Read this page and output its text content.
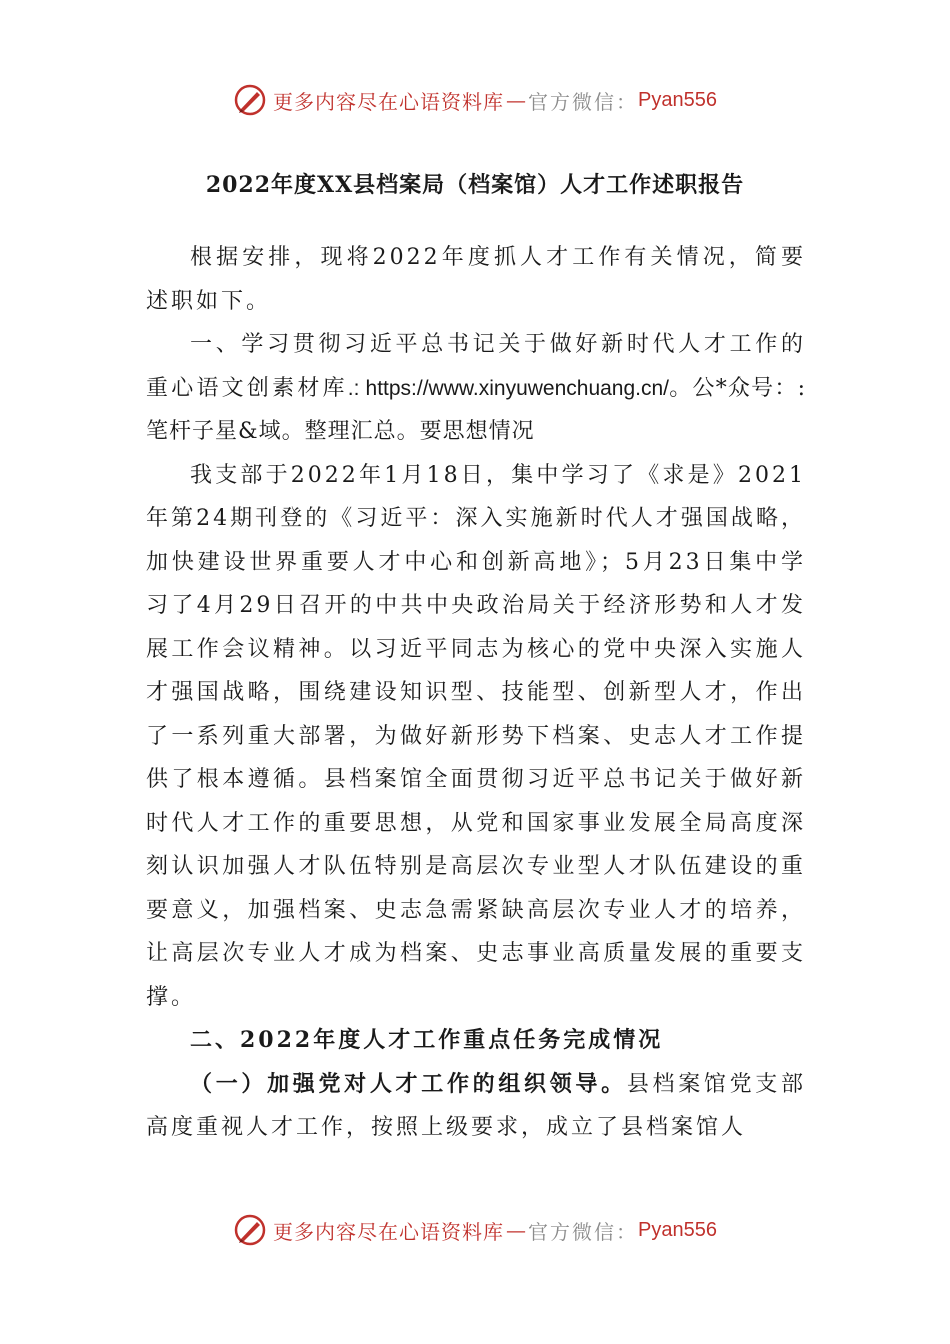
更多内容尽在心语资料库 — 官方微信： Pyan556
2022年度XX县档案局（档案馆）人才工作述职报告

根据安排，现将2022年度抓人才工作有关情况，简要述职如下。

一、学习贯彻习近平总书记关于做好新时代人才工作的重心语文创素材库.: https://www.xinyuwenchuang.cn/。公*众号：:笔杆子星&域。整理汇总。要思想情况

我支部于2022年1月18日，集中学习了《求是》2021年第24期刊登的《习近平：深入实施新时代人才强国战略，加快建设世界重要人才中心和创新高地》；5月23日集中学习了4月29日召开的中共中央政治局关于经济形势和人才发展工作会议精神。以习近平同志为核心的党中央深入实施人才强国战略，围绕建设知识型、技能型、创新型人才，作出了一系列重大部署，为做好新形势下档案、史志人才工作提供了根本遵循。县档案馆全面贯彻习近平总书记关于做好新时代人才工作的重要思想，从党和国家事业发展全局高度深刻认识加强人才队伍特别是高层次专业型人才队伍建设的重要意义，加强档案、史志急需紧缺高层次专业人才的培养，让高层次专业人才成为档案、史志事业高质量发展的重要支撑。

二、2022年度人才工作重点任务完成情况

（一）加强党对人才工作的组织领导。县档案馆党支部高度重视人才工作，按照上级要求，成立了县档案馆人

更多内容尽在心语资料库 — 官方微信： Pyan556
